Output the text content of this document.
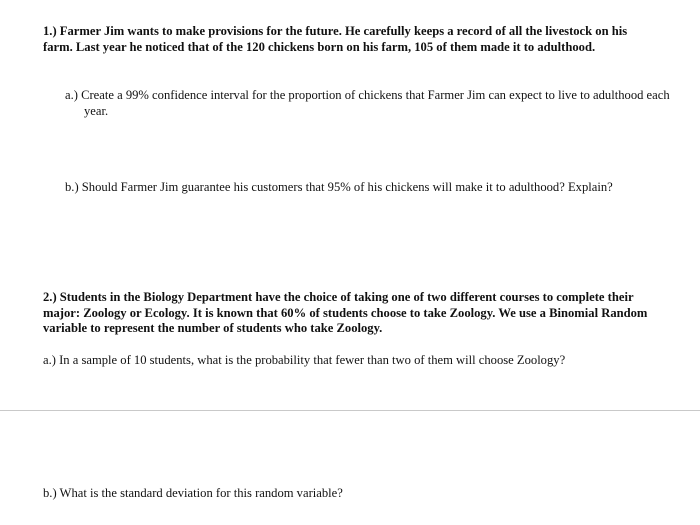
1.) Farmer Jim wants to make provisions for the future. He carefully keeps a record of all the livestock on his farm. Last year he noticed that of the 120 chickens born on his farm, 105 of them made it to adulthood.

a.) Create a 99% confidence interval for the proportion of chickens that Farmer Jim can expect to live to adulthood each year.

b.) Should Farmer Jim guarantee his customers that 95% of his chickens will make it to adulthood? Explain?

2.) Students in the Biology Department have the choice of taking one of two different courses to complete their major: Zoology or Ecology. It is known that 60% of students choose to take Zoology. We use a Binomial Random variable to represent the number of students who take Zoology.

a.) In a sample of 10 students, what is the probability that fewer than two of them will choose Zoology?

b.) What is the standard deviation for this random variable?
